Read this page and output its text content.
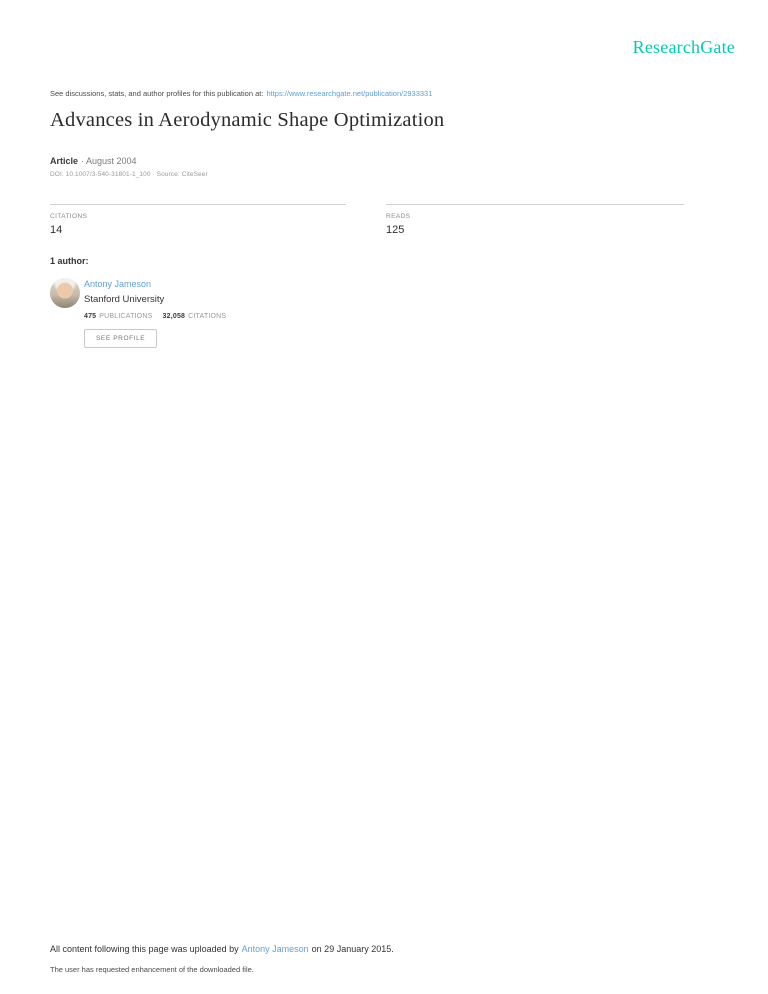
ResearchGate
See discussions, stats, and author profiles for this publication at: https://www.researchgate.net/publication/2933331
Advances in Aerodynamic Shape Optimization
Article · August 2004
DOI: 10.1007/3-540-31801-1_100 · Source: CiteSeer
CITATIONS
14
READS
125
1 author:
Antony Jameson
Stanford University
475 PUBLICATIONS 32,058 CITATIONS
SEE PROFILE
All content following this page was uploaded by Antony Jameson on 29 January 2015.
The user has requested enhancement of the downloaded file.
